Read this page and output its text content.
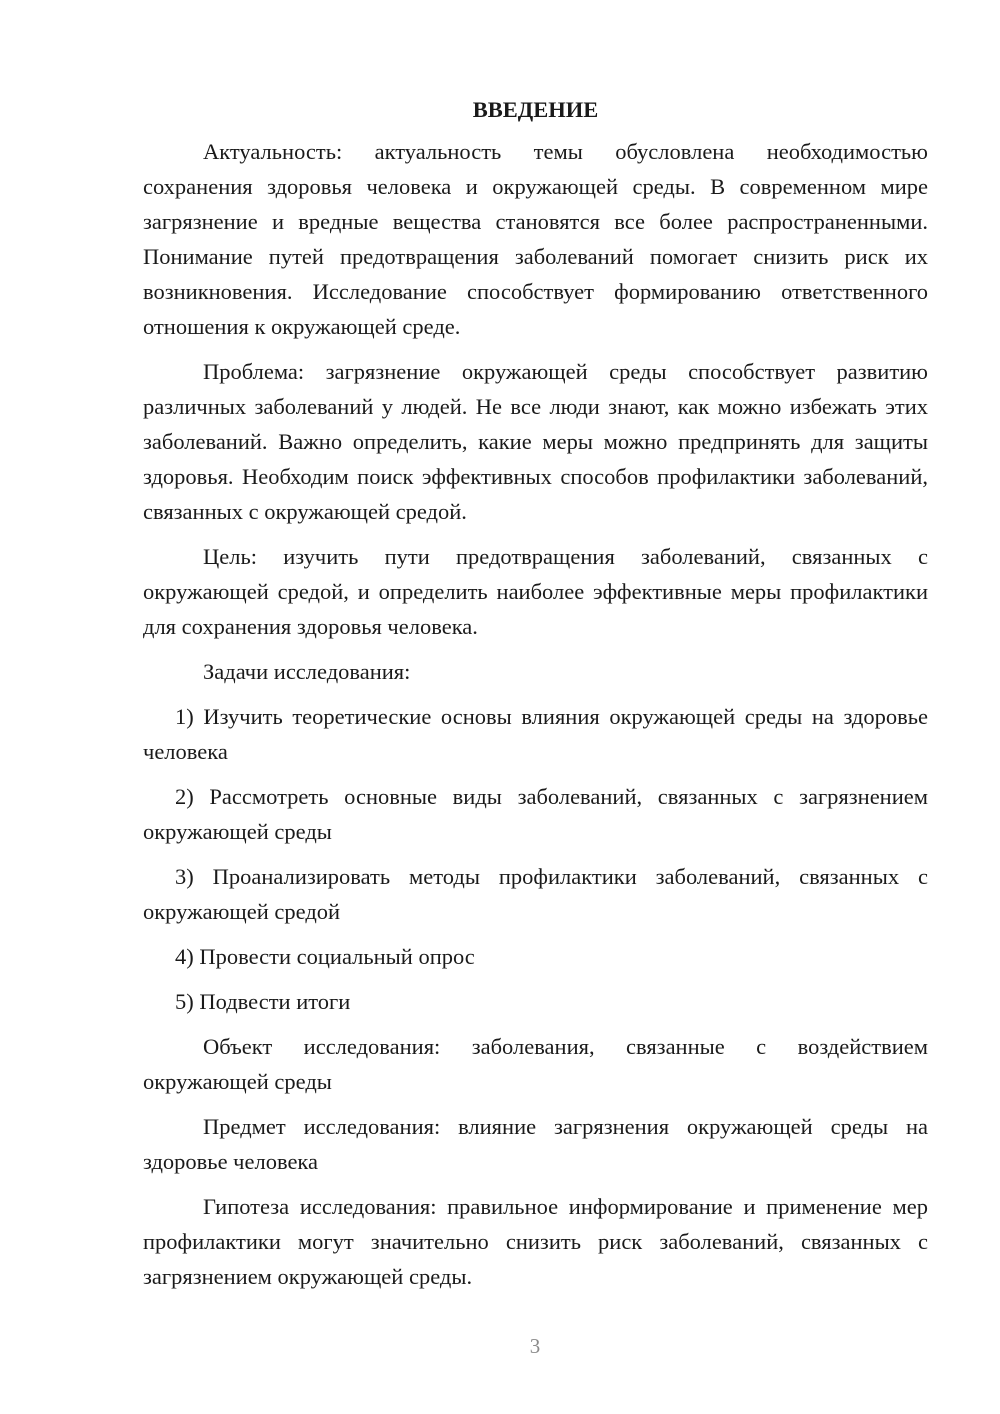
ВВЕДЕНИЕ

Актуальность: актуальность темы обусловлена необходимостью сохранения здоровья человека и окружающей среды. В современном мире загрязнение и вредные вещества становятся все более распространенными. Понимание путей предотвращения заболеваний помогает снизить риск их возникновения. Исследование способствует формированию ответственного отношения к окружающей среде.

Проблема: загрязнение окружающей среды способствует развитию различных заболеваний у людей. Не все люди знают, как можно избежать этих заболеваний. Важно определить, какие меры можно предпринять для защиты здоровья. Необходим поиск эффективных способов профилактики заболеваний, связанных с окружающей средой.

Цель: изучить пути предотвращения заболеваний, связанных с окружающей средой, и определить наиболее эффективные меры профилактики для сохранения здоровья человека.

Задачи исследования:

1) Изучить теоретические основы влияния окружающей среды на здоровье человека

2) Рассмотреть основные виды заболеваний, связанных с загрязнением окружающей среды

3) Проанализировать методы профилактики заболеваний, связанных с окружающей средой

4) Провести социальный опрос

5) Подвести итоги

Объект исследования: заболевания, связанные с воздействием окружающей среды

Предмет исследования: влияние загрязнения окружающей среды на здоровье человека

Гипотеза исследования: правильное информирование и применение мер профилактики могут значительно снизить риск заболеваний, связанных с загрязнением окружающей среды.

3
